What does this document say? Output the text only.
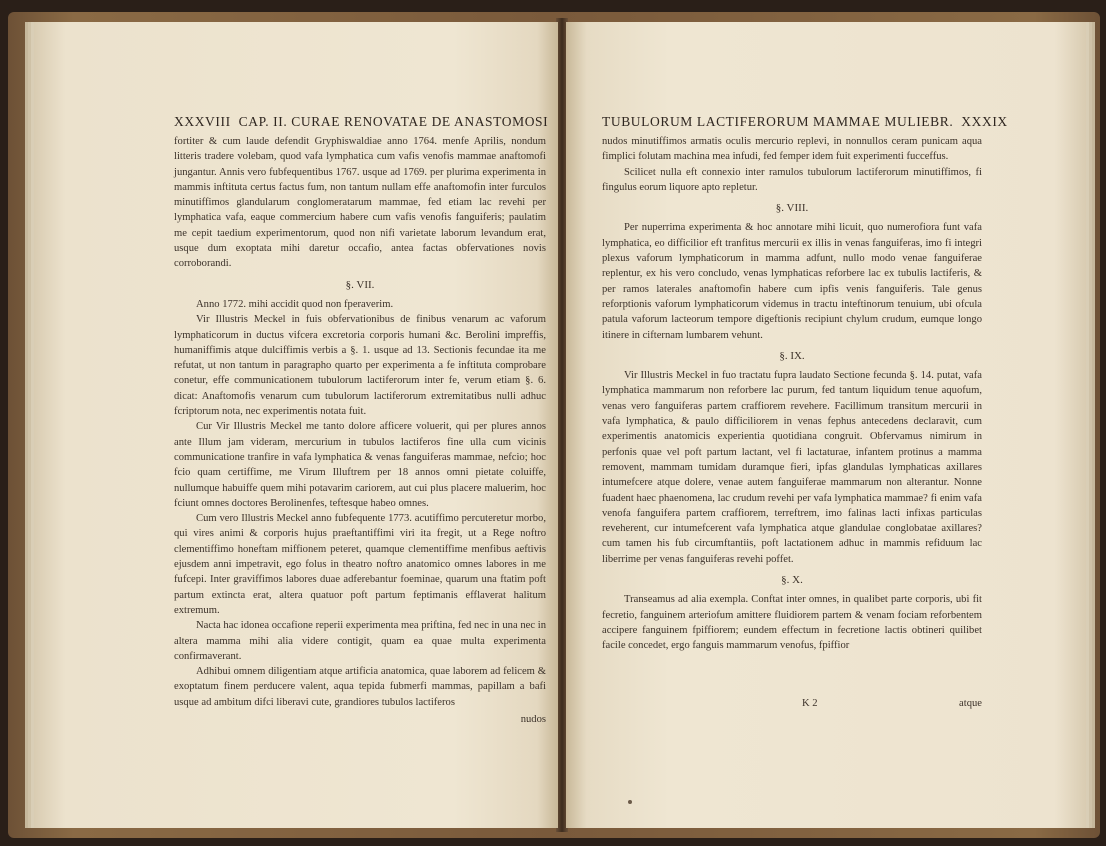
XXXVIII CAP. II. CURAE RENOVATAE DE ANASTOMOSI

fortiter & cum laude defendit Gryphiswaldiae anno 1764. menfe Aprilis, nondum litteris tradere volebam, quod vafa lymphatica cum vafis venofis mammae anaftomofi jungantur. Annis vero fubfequentibus 1767. usque ad 1769. per plurima experimenta in mammis inftituta certus factus fum, non tantum nullam effe anaftomofin inter furculos minutiffimos glandularum conglomeratarum mammae, fed etiam lac revehi per lymphatica vafa, eaque commercium habere cum vafis venofis fanguiferis; paulatim me cepit taedium experimentorum, quod non nifi varietate laborum levandum erat, usque dum exoptata mihi daretur occafio, antea factas obfervationes novis corroborandi.

§. VII.

Anno 1772. mihi accidit quod non fperaverim.

Vir Illustris Meckel in fuis obfervationibus de finibus venarum ac vaforum lymphaticorum in ductus vifcera excretoria corporis humani &c. Berolini impreffis, humaniffimis atque dulciffimis verbis a §. 1. usque ad 13. Sectionis fecundae ita me refutat, ut non tantum in paragrapho quarto per experimenta a fe inftituta comprobare conetur, effe communicationem tubulorum lactiferorum inter fe, verum etiam §. 6. dicat: Anaftomofis venarum cum tubulorum lactiferorum extremitatibus nulli adhuc fcriptorum nota, nec experimentis notata fuit.

Cur Vir Illustris Meckel me tanto dolore afficere voluerit, qui per plures annos ante Illum jam videram, mercurium in tubulos lactiferos fine ulla cum vicinis communicatione tranfire in vafa lymphatica & venas fanguiferas mammae, nefcio; hoc fcio quam certiffime, me Virum Illuftrem per 18 annos omni pietate coluiffe, nullumque habuiffe quem mihi potavarim cariorem, aut cui plus placere maluerim, hoc fciunt omnes doctores Berolinenfes, teftesque habeo omnes.

Cum vero Illustris Meckel anno fubfequente 1773. acutiffimo percuteretur morbo, qui vires animi & corporis hujus praeftantiffimi viri ita fregit, ut a Rege noftro clementiffimo honeftam miffionem peteret, quamque clementiffime menfibus aeftivis ejusdem anni impetravit, ego folus in theatro noftro anatomico omnes labores in me fufcepi. Inter graviffimos labores duae adferebantur foeminae, quarum una ftatim poft partum extincta erat, altera quatuor poft partum feptimanis efflaverat halitum extremum.

Nacta hac idonea occafione reperii experimenta mea priftina, fed nec in una nec in altera mamma mihi alia videre contigit, quam ea quae multa experimenta confirmaverant.

Adhibui omnem diligentiam atque artificia anatomica, quae laborem ad felicem & exoptatum finem perducere valent, aqua tepida fubmerfi mammas, papillam a bafi usque ad ambitum difci liberavi cute, grandiores tubulos lactiferos

nudos

TUBULORUM LACTIFERORUM MAMMAE MULIEBR. XXXIX

nudos minutiffimos armatis oculis mercurio replevi, in nonnullos ceram punicam aqua fimplici folutam machina mea infudi, fed femper idem fuit experimenti fucceffus.

Scilicet nulla eft connexio inter ramulos tubulorum lactiferorum minutiffimos, fi fingulus eorum liquore apto repletur.

§. VIII.

Per nuperrima experimenta & hoc annotare mihi licuit, quo numerofiora funt vafa lymphatica, eo difficilior eft tranfitus mercurii ex illis in venas fanguiferas, imo fi integri plexus vaforum lymphaticorum in mamma adfunt, nullo modo venae fanguiferae replentur, ex his vero concludo, venas lymphaticas reforbere lac ex tubulis lactiferis, & per ramos laterales anaftomofin habere cum ipfis venis fanguiferis. Tale genus reforptionis vaforum lymphaticorum videmus in tractu inteftinorum tenuium, ubi ofcula patula vaforum lacteorum tempore digeftionis recipiunt chylum crudum, eumque longo itinere in cifternam lumbarem vehunt.

§. IX.

Vir Illustris Meckel in fuo tractatu fupra laudato Sectione fecunda §. 14. putat, vafa lymphatica mammarum non reforbere lac purum, fed tantum liquidum tenue aquofum, venas vero fanguiferas partem craffiorem revehere. Facillimum transitum mercurii in vafa lymphatica, & paulo difficiliorem in venas fephus antecedens declaravit, cum experimentis anatomicis experientia quotidiana congruit. Obfervamus nimirum in perfonis quae vel poft partum lactant, vel fi lactaturae, infantem protinus a mamma removent, mammam tumidam duramque fieri, ipfas glandulas lymphaticas axillares intumefcere atque dolere, venae autem fanguiferae mammarum non alterantur. Nonne fuadent haec phaenomena, lac crudum revehi per vafa lymphatica mammae? fi enim vafa venofa fanguifera partem craffiorem, terreftrem, imo falinas lacti infixas particulas reveherent, cur intumefcerent vafa lymphatica atque glandulae conglobatae axillares? cum tamen his fub circumftantiis, poft lactationem adhuc in mammis refiduum lac liberrime per venas fanguiferas revehi poffet.

§. X.

Transeamus ad alia exempla. Conftat inter omnes, in qualibet parte corporis, ubi fit fecretio, fanguinem arteriofum amittere fluidiorem partem & venam fociam reforbentem accipere fanguinem fpiffiorem; eundem effectum in fecretione lactis obtineri quilibet facile concedet, ergo fanguis mammarum venofus, fpiffior

K 2	atque
